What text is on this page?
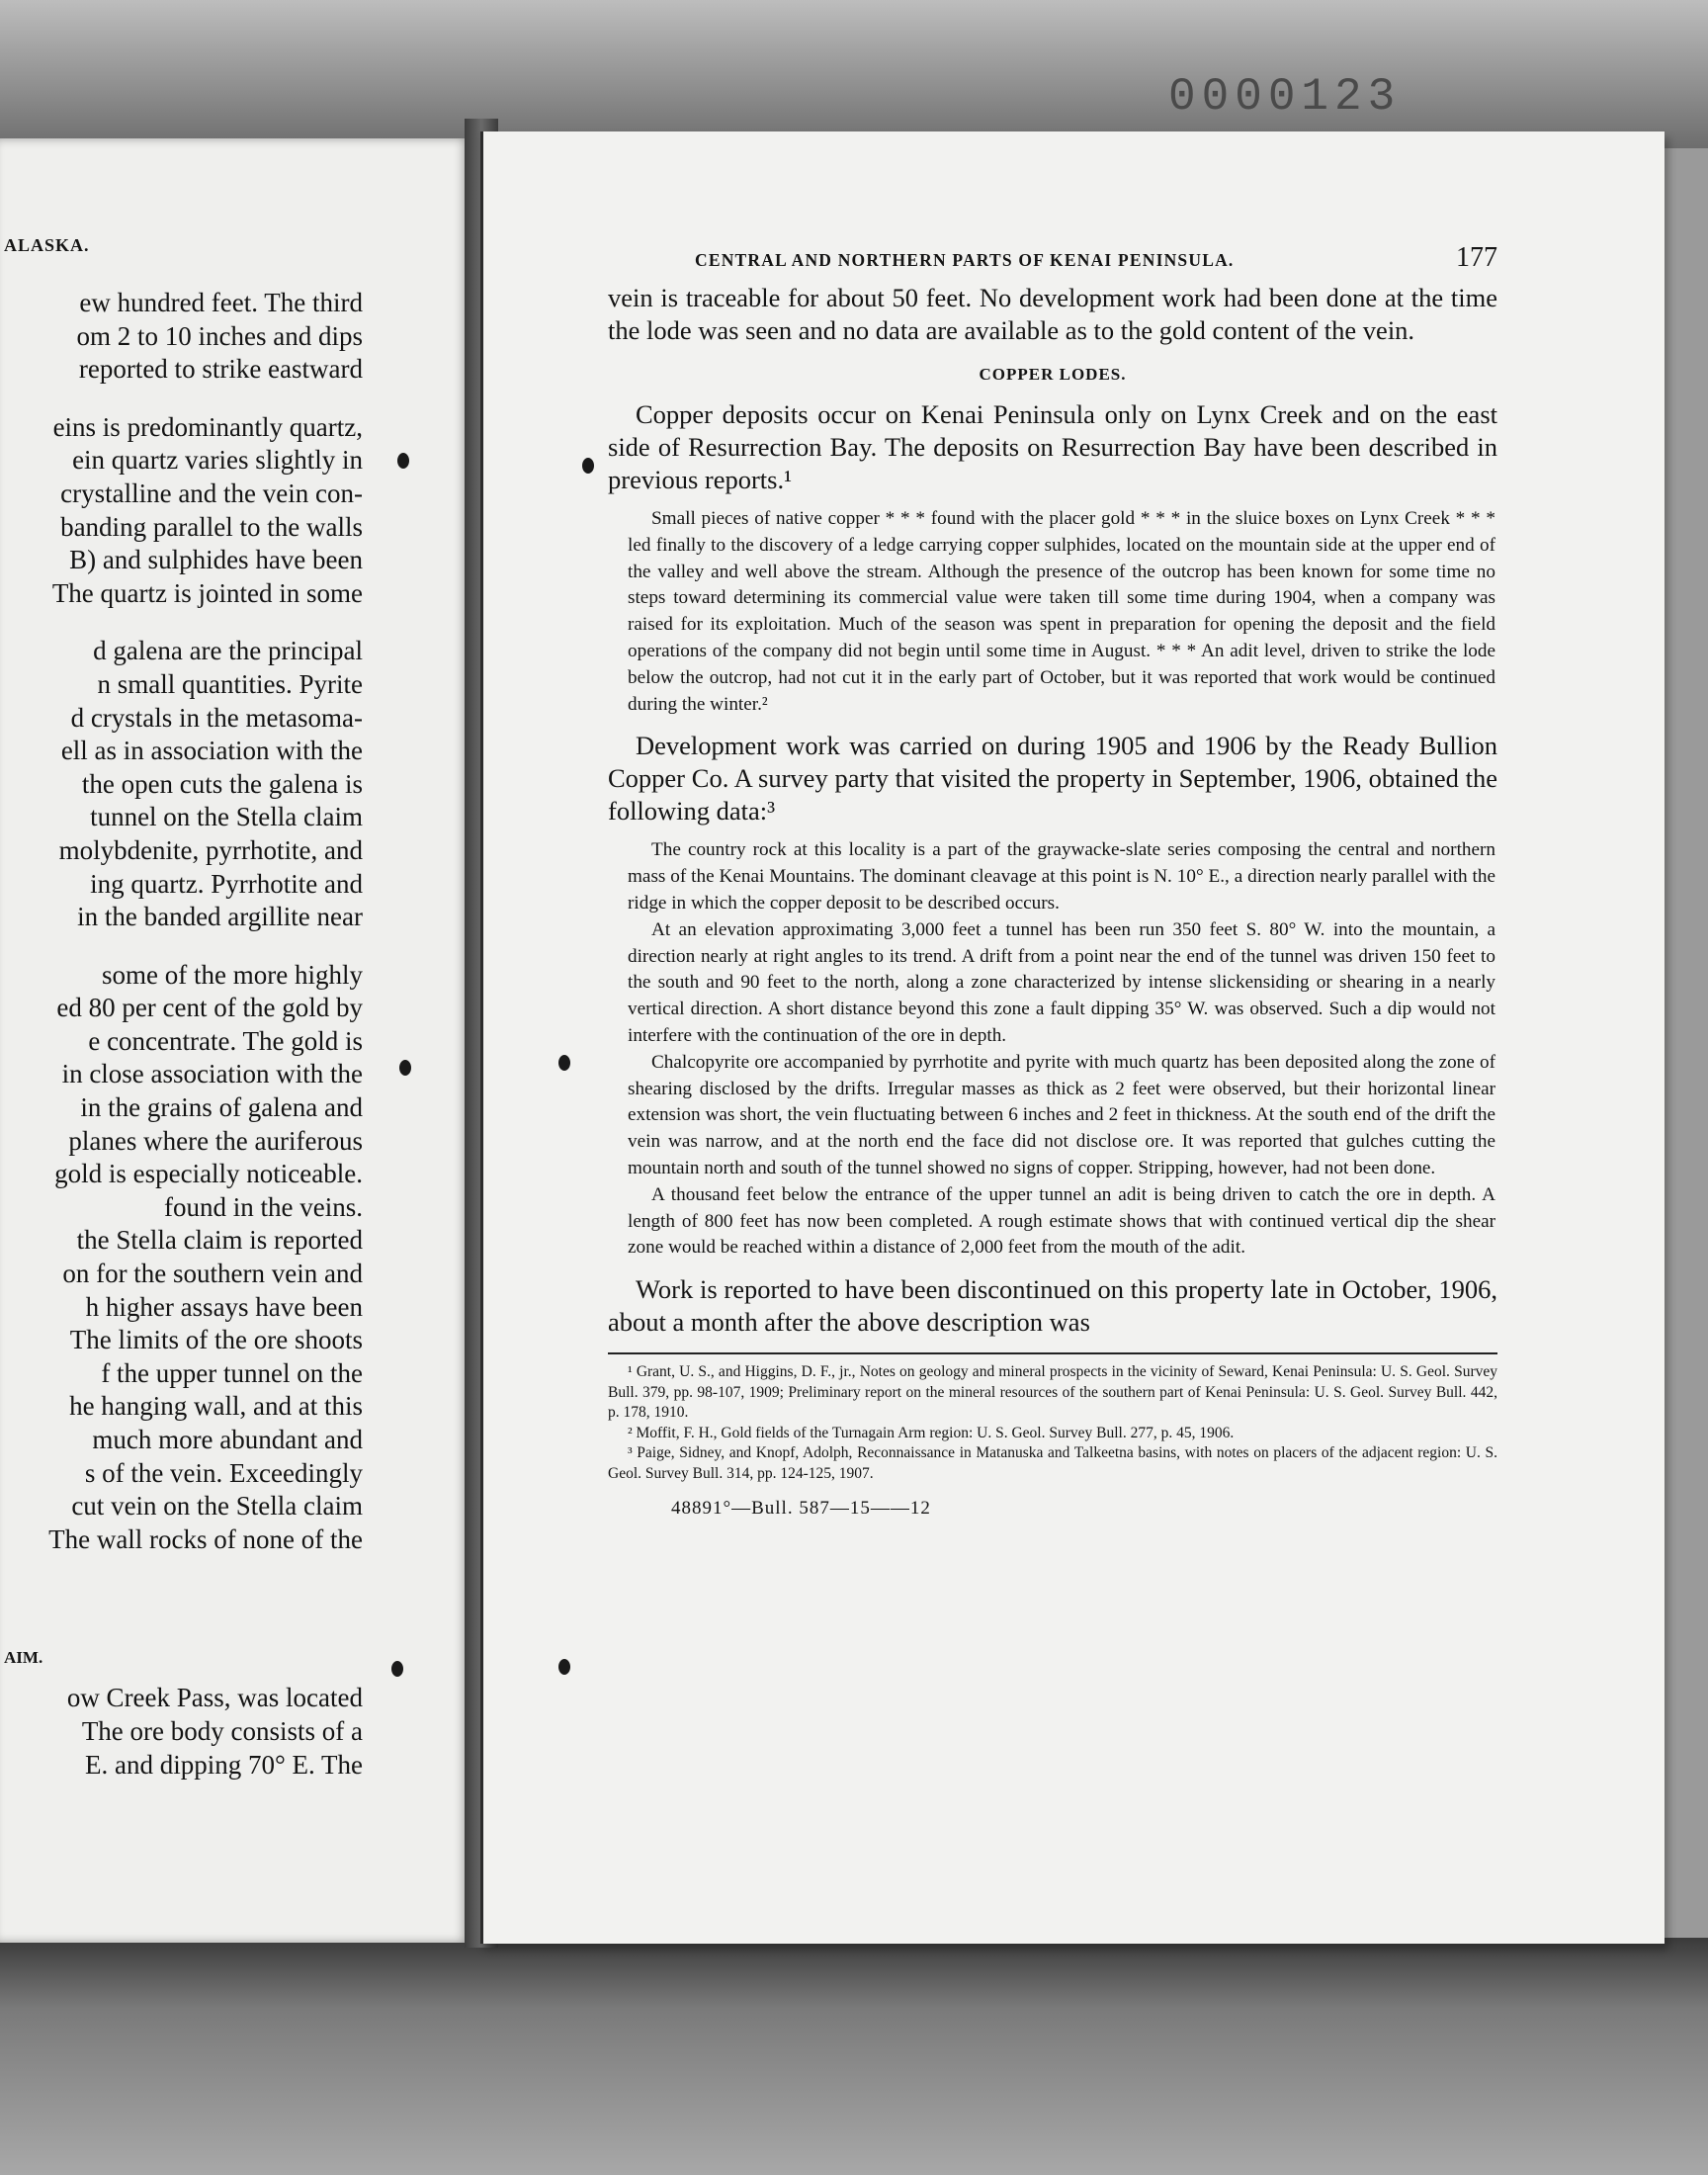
0000123
ALASKA.
ew hundred feet. The third
om 2 to 10 inches and dips
reported to strike eastward
eins is predominantly quartz,
ein quartz varies slightly in
crystalline and the vein con-
banding parallel to the walls
B) and sulphides have been
The quartz is jointed in some
d galena are the principal
n small quantities. Pyrite
d crystals in the metasoma-
ell as in association with the
the open cuts the galena is
tunnel on the Stella claim
molybdenite, pyrrhotite, and
ing quartz. Pyrrhotite and
in the banded argillite near
some of the more highly
ed 80 per cent of the gold by
e concentrate. The gold is
in close association with the
in the grains of galena and
planes where the auriferous
gold is especially noticeable.
found in the veins.
the Stella claim is reported
on for the southern vein and
h higher assays have been
The limits of the ore shoots
f the upper tunnel on the
he hanging wall, and at this
much more abundant and
s of the vein. Exceedingly
cut vein on the Stella claim
The wall rocks of none of the
AIM.
ow Creek Pass, was located
The ore body consists of a
E. and dipping 70° E. The
CENTRAL AND NORTHERN PARTS OF KENAI PENINSULA.	177

vein is traceable for about 50 feet. No development work had been done at the time the lode was seen and no data are available as to the gold content of the vein.

COPPER LODES.

Copper deposits occur on Kenai Peninsula only on Lynx Creek and on the east side of Resurrection Bay. The deposits on Resurrection Bay have been described in previous reports.¹

Small pieces of native copper * * * found with the placer gold * * * in the sluice boxes on Lynx Creek * * * led finally to the discovery of a ledge carrying copper sulphides, located on the mountain side at the upper end of the valley and well above the stream. Although the presence of the outcrop has been known for some time no steps toward determining its commercial value were taken till some time during 1904, when a company was raised for its exploitation. Much of the season was spent in preparation for opening the deposit and the field operations of the company did not begin until some time in August. * * * An adit level, driven to strike the lode below the outcrop, had not cut it in the early part of October, but it was reported that work would be continued during the winter.²

Development work was carried on during 1905 and 1906 by the Ready Bullion Copper Co. A survey party that visited the property in September, 1906, obtained the following data:³

The country rock at this locality is a part of the graywacke-slate series composing the central and northern mass of the Kenai Mountains. The dominant cleavage at this point is N. 10° E., a direction nearly parallel with the ridge in which the copper deposit to be described occurs.

At an elevation approximating 3,000 feet a tunnel has been run 350 feet S. 80° W. into the mountain, a direction nearly at right angles to its trend. A drift from a point near the end of the tunnel was driven 150 feet to the south and 90 feet to the north, along a zone characterized by intense slickensiding or shearing in a nearly vertical direction. A short distance beyond this zone a fault dipping 35° W. was observed. Such a dip would not interfere with the continuation of the ore in depth.

Chalcopyrite ore accompanied by pyrrhotite and pyrite with much quartz has been deposited along the zone of shearing disclosed by the drifts. Irregular masses as thick as 2 feet were observed, but their horizontal linear extension was short, the vein fluctuating between 6 inches and 2 feet in thickness. At the south end of the drift the vein was narrow, and at the north end the face did not disclose ore. It was reported that gulches cutting the mountain north and south of the tunnel showed no signs of copper. Stripping, however, had not been done.

A thousand feet below the entrance of the upper tunnel an adit is being driven to catch the ore in depth. A length of 800 feet has now been completed. A rough estimate shows that with continued vertical dip the shear zone would be reached within a distance of 2,000 feet from the mouth of the adit.

Work is reported to have been discontinued on this property late in October, 1906, about a month after the above description was

¹ Grant, U. S., and Higgins, D. F., jr., Notes on geology and mineral prospects in the vicinity of Seward, Kenai Peninsula: U. S. Geol. Survey Bull. 379, pp. 98-107, 1909; Preliminary report on the mineral resources of the southern part of Kenai Peninsula: U. S. Geol. Survey Bull. 442, p. 178, 1910.

² Moffit, F. H., Gold fields of the Turnagain Arm region: U. S. Geol. Survey Bull. 277, p. 45, 1906.

³ Paige, Sidney, and Knopf, Adolph, Reconnaissance in Matanuska and Talkeetna basins, with notes on placers of the adjacent region: U. S. Geol. Survey Bull. 314, pp. 124-125, 1907.

48891°—Bull. 587—15——12
